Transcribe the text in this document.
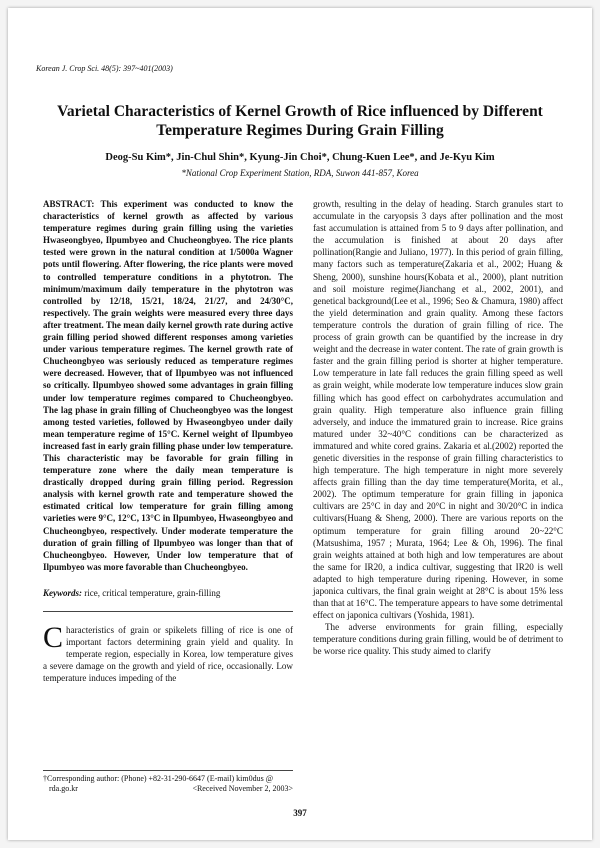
Korean J. Crop Sci. 48(5): 397~401(2003)
Varietal Characteristics of Kernel Growth of Rice influenced by Different Temperature Regimes During Grain Filling
Deog-Su Kim*, Jin-Chul Shin*, Kyung-Jin Choi*, Chung-Kuen Lee*, and Je-Kyu Kim
*National Crop Experiment Station, RDA, Suwon 441-857, Korea
ABSTRACT: This experiment was conducted to know the characteristics of kernel growth as affected by various temperature regimes during grain filling using the varieties Hwaseongbyeo, Ilpumbyeo and Chucheongbyeo. The rice plants tested were grown in the natural condition at 1/5000a Wagner pots until flowering. After flowering, the rice plants were moved to controlled temperature conditions in a phytotron. The minimum/maximum daily temperature in the phytotron was controlled by 12/18, 15/21, 18/24, 21/27, and 24/30°C, respectively. The grain weights were measured every three days after treatment. The mean daily kernel growth rate during active grain filling period showed different responses among varieties under various temperature regimes. The kernel growth rate of Chucheongbyeo was seriously reduced as temperature regimes were decreased. However, that of Ilpumbyeo was not influenced so critically. Ilpumbyeo showed some advantages in grain filling under low temperature regimes compared to Chucheongbyeo. The lag phase in grain filling of Chucheongbyeo was the longest among tested varieties, followed by Hwaseongbyeo under daily mean temperature regime of 15°C. Kernel weight of Ilpumbyeo increased fast in early grain filling phase under low temperature. This characteristic may be favorable for grain filling in temperature zone where the daily mean temperature is drastically dropped during grain filling period. Regression analysis with kernel growth rate and temperature showed the estimated critical low temperature for grain filling among varieties were 9°C, 12°C, 13°C in Ilpumbyeo, Hwaseongbyeo and Chucheongbyeo, respectively. Under moderate temperature the duration of grain filling of Ilpumbyeo was longer than that of Chucheongbyeo. However, Under low temperature that of Ilpumbyeo was more favorable than Chucheongbyeo.
Keywords: rice, critical temperature, grain-filling
Characteristics of grain or spikelets filling of rice is one of important factors determining grain yield and quality. In temperate region, especially in Korea, low temperature gives a severe damage on the growth and yield of rice, occasionally. Low temperature induces impeding of the
†Corresponding author: (Phone) +82-31-290-6647 (E-mail) kim0dus @
rda.go.kr	<Received November 2, 2003>

growth, resulting in the delay of heading. Starch granules start to accumulate in the caryopsis 3 days after pollination and the most fast accumulation is attained from 5 to 9 days after pollination, and the accumulation is finished at about 20 days after pollination(Rangie and Juliano, 1977). In this period of grain filling, many factors such as temperature(Zakaria et al., 2002; Huang & Sheng, 2000), sunshine hours(Kobata et al., 2000), plant nutrition and soil moisture regime(Jianchang et al., 2002, 2001), and genetical background(Lee et al., 1996; Seo & Chamura, 1980) affect the yield determination and grain quality. Among these factors temperature controls the duration of grain filling of rice. The process of grain growth can be quantified by the increase in dry weight and the decrease in water content. The rate of grain growth is faster and the grain filling period is shorter at higher temperature. Low temperature in late fall reduces the grain filling speed as well as grain weight, while moderate low temperature induces slow grain filling which has good effect on carbohydrates accumulation and grain quality. High temperature also influence grain filling adversely, and induce the immatured grain to increase. Rice grains matured under 32~40°C conditions can be characterized as immatured and white cored grains. Zakaria et al.(2002) reported the genetic diversities in the response of grain filling characteristics to high temperature. The high temperature in night more severely affects grain filling than the day time temperature(Morita, et al., 2002). The optimum temperature for grain filling in japonica cultivars are 25°C in day and 20°C in night and 30/20°C in indica cultivars(Huang & Sheng, 2000). There are various reports on the optimum temperature for grain filling around 20~22°C (Matsushima, 1957 ; Murata, 1964; Lee & Oh, 1996). The final grain weights attained at both high and low temperatures are about the same for IR20, a indica cultivar, suggesting that IR20 is well adapted to high temperature during ripening. However, in some japonica cultivars, the final grain weight at 28°C is about 15% less than that at 16°C. The temperature appears to have some detrimental effect on japonica cultivars (Yoshida, 1981).

The adverse environments for grain filling, especially temperature conditions during grain filling, would be of detriment to be worse rice quality. This study aimed to clarify

397
